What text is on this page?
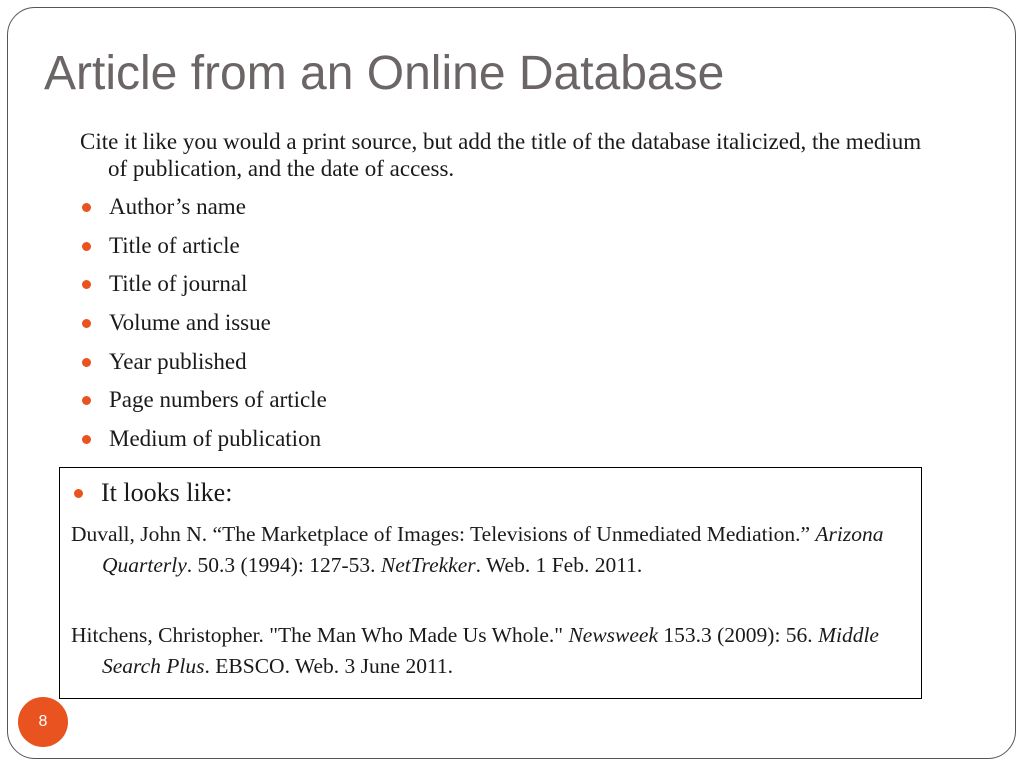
Article from an Online Database
Cite it like you would a print source, but add the title of the database italicized, the medium of publication, and the date of access.
Author’s name
Title of article
Title of journal
Volume and issue
Year published
Page numbers of article
Medium of publication
It looks like:
Duvall, John N. “The Marketplace of Images: Televisions of Unmediated Mediation.” Arizona Quarterly. 50.3 (1994): 127-53. NetTrekker. Web. 1 Feb. 2011.
Hitchens, Christopher. "The Man Who Made Us Whole." Newsweek 153.3 (2009): 56. Middle Search Plus. EBSCO. Web. 3 June 2011.
8
